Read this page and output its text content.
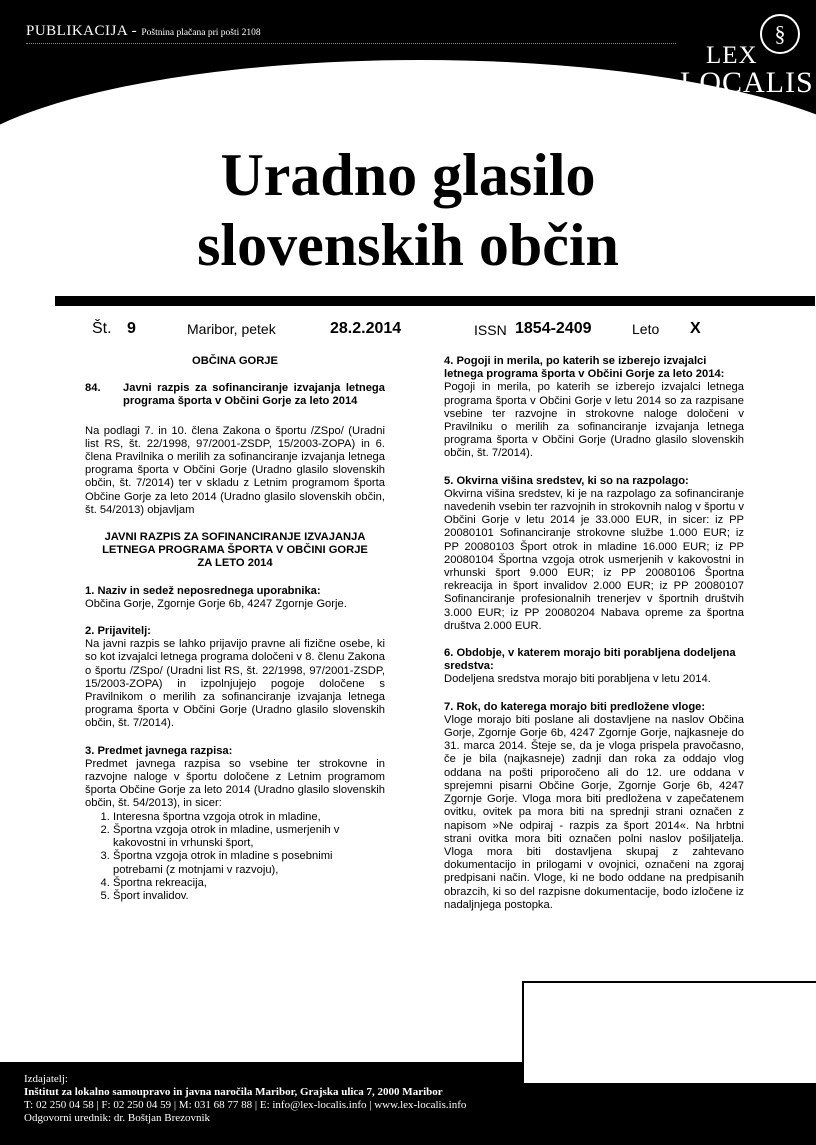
PUBLIKACIJA - Poštnina plačana pri pošti 2108	§
LEX
LOCALIS
Uradno glasilo
slovenskih občin
Št. 9	Maribor, petek	28.2.2014	ISSN 1854-2409	Leto X
OBČINA GORJE
84.	Javni razpis za sofinanciranje izvajanja letnega programa športa v Občini Gorje za leto 2014

Na podlagi 7. in 10. člena Zakona o športu /ZSpo/ (Uradni list RS, št. 22/1998, 97/2001-ZSDP, 15/2003-ZOPA) in 6. člena Pravilnika o merilih za sofinanciranje izvajanja letnega programa športa v Občini Gorje (Uradno glasilo slovenskih občin, št. 7/2014) ter v skladu z Letnim programom športa Občine Gorje za leto 2014 (Uradno glasilo slovenskih občin, št. 54/2013) objavljam

JAVNI RAZPIS ZA SOFINANCIRANJE IZVAJANJA LETNEGA PROGRAMA ŠPORTA V OBČINI GORJE ZA LETO 2014
1. Naziv in sedež neposrednega uporabnika:

Občina Gorje, Zgornje Gorje 6b, 4247 Zgornje Gorje.

2. Prijavitelj:

Na javni razpis se lahko prijavijo pravne ali fizične osebe, ki so kot izvajalci letnega programa določeni v 8. členu Zakona o športu /ZSpo/ (Uradni list RS, št. 22/1998, 97/2001-ZSDP, 15/2003-ZOPA) in izpolnjujejo pogoje določene s Pravilnikom o merilih za sofinanciranje izvajanja letnega programa športa v Občini Gorje (Uradno glasilo slovenskih občin, št. 7/2014).

3. Predmet javnega razpisa:

Predmet javnega razpisa so vsebine ter strokovne in razvojne naloge v športu določene z Letnim programom športa Občine Gorje za leto 2014 (Uradno glasilo slovenskih občin, št. 54/2013), in sicer:

1. Interesna športna vzgoja otrok in mladine,
2. Športna vzgoja otrok in mladine, usmerjenih v kakovostni in vrhunski šport,
3. Športna vzgoja otrok in mladine s posebnimi potrebami (z motnjami v razvoju),
4. Športna rekreacija,
5. Šport invalidov.
4. Pogoji in merila, po katerih se izberejo izvajalci letnega programa športa v Občini Gorje za leto 2014:

Pogoji in merila, po katerih se izberejo izvajalci letnega programa športa v Občini Gorje v letu 2014 so za razpisane vsebine ter razvojne in strokovne naloge določeni v Pravilniku o merilih za sofinanciranje izvajanja letnega programa športa v Občini Gorje (Uradno glasilo slovenskih občin, št. 7/2014).

5. Okvirna višina sredstev, ki so na razpolago:

Okvirna višina sredstev, ki je na razpolago za sofinanciranje navedenih vsebin ter razvojnih in strokovnih nalog v športu v Občini Gorje v letu 2014 je 33.000 EUR, in sicer: iz PP 20080101 Sofinanciranje strokovne službe 1.000 EUR; iz PP 20080103 Šport otrok in mladine 16.000 EUR; iz PP 20080104 Športna vzgoja otrok usmerjenih v kakovostni in vrhunski šport 9.000 EUR; iz PP 20080106 Športna rekreacija in šport invalidov 2.000 EUR; iz PP 20080107 Sofinanciranje profesionalnih trenerjev v športnih društvih 3.000 EUR; iz PP 20080204 Nabava opreme za športna društva 2.000 EUR.

6. Obdobje, v katerem morajo biti porabljena dodeljena sredstva:

Dodeljena sredstva morajo biti porabljena v letu 2014.

7. Rok, do katerega morajo biti predložene vloge:

Vloge morajo biti poslane ali dostavljene na naslov Občina Gorje, Zgornje Gorje 6b, 4247 Zgornje Gorje, najkasneje do 31. marca 2014. Šteje se, da je vloga prispela pravočasno, če je bila (najkasneje) zadnji dan roka za oddajo vlog oddana na pošti priporočeno ali do 12. ure oddana v sprejemni pisarni Občine Gorje, Zgornje Gorje 6b, 4247 Zgornje Gorje. Vloga mora biti predložena v zapečatenem ovitku, ovitek pa mora biti na sprednji strani označen z napisom »Ne odpiraj - razpis za šport 2014«. Na hrbtni strani ovitka mora biti označen polni naslov pošiljatelja. Vloga mora biti dostavljena skupaj z zahtevano dokumentacijo in prilogami v ovojnici, označeni na zgoraj predpisani način. Vloge, ki ne bodo oddane na predpisanih obrazcih, ki so del razpisne dokumentacije, bodo izločene iz nadaljnjega postopka.

Izdajatelj:
Inštitut za lokalno samoupravo in javna naročila Maribor, Grajska ulica 7, 2000 Maribor
T: 02 250 04 58 | F: 02 250 04 59 | M: 031 68 77 88 | E: info@lex-localis.info | www.lex-localis.info
Odgovorni urednik: dr. Boštjan Brezovnik
